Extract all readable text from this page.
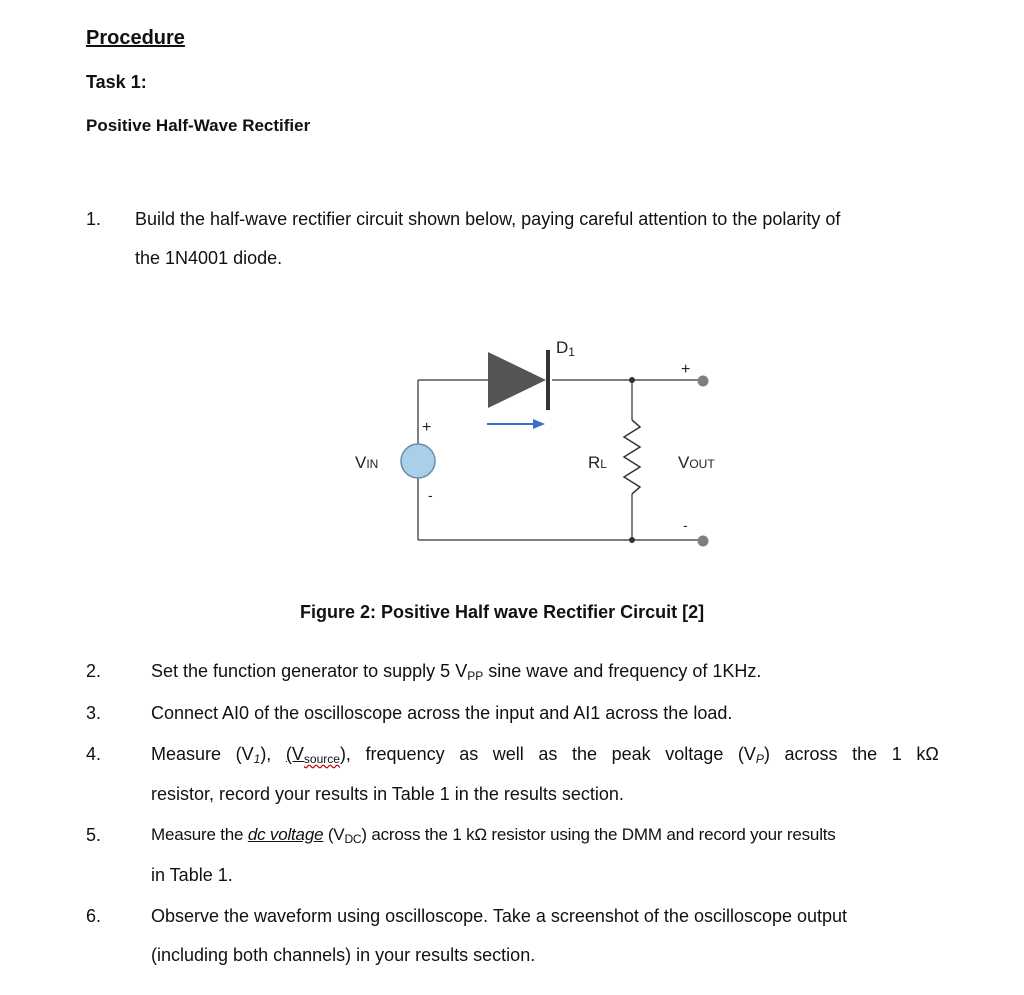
Procedure
Task 1:
Positive Half-Wave Rectifier
1. Build the half-wave rectifier circuit shown below, paying careful attention to the polarity of
the 1N4001 diode.
D1
+
-
VIN	RL	VOUT
+
-
Figure 2: Positive Half wave Rectifier Circuit [2]
2.	Set the function generator to supply 5 $V_{PP}$ sine wave and frequency of 1KHz.
3.	Connect AI0 of the oscilloscope across the input and AI1 across the load.
4.	Measure $(V_1)$, $(V_{source})$, frequency as well as the peak voltage $(V_P)$ across the 1 kΩ
resistor, record your results in Table 1 in the results section.
5.	Measure the dc voltage $(V_{DC})$ across the 1 kΩ resistor using the DMM and record your results
in Table 1.
6.	Observe the waveform using oscilloscope. Take a screenshot of the oscilloscope output
(including both channels) in your results section.
